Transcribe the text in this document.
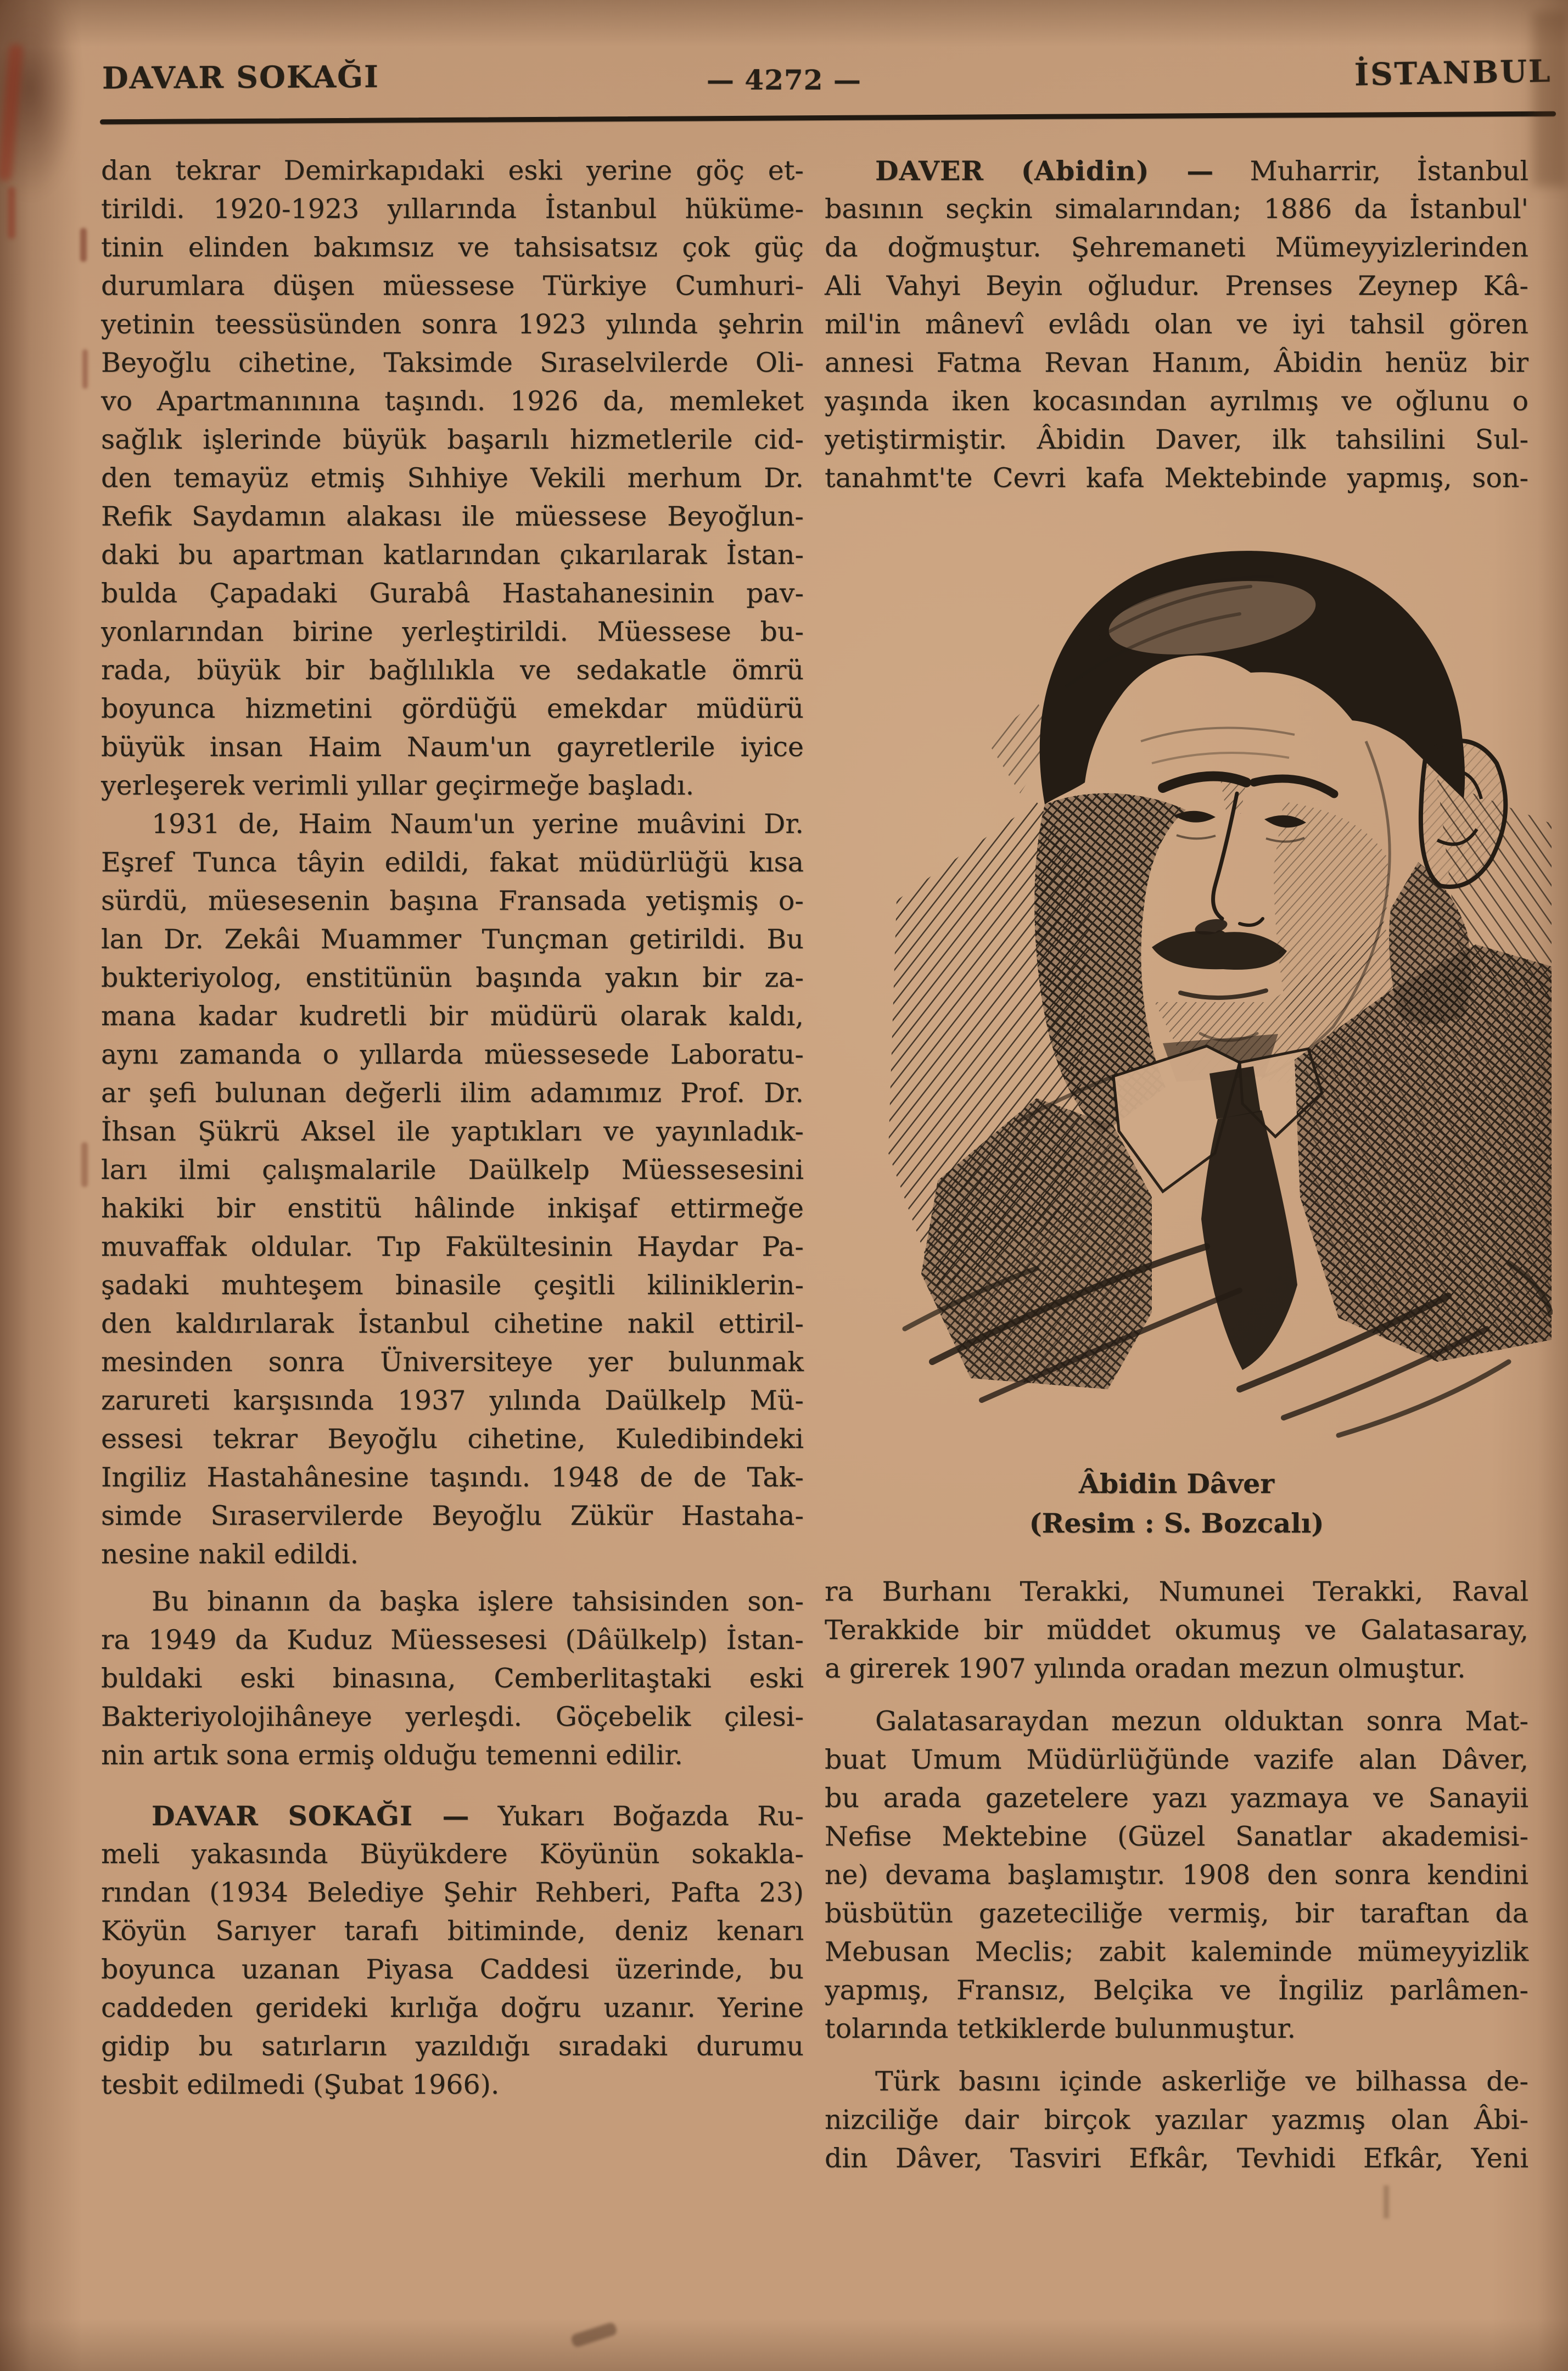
DAVAR SOKAĞI	— 4272 —	İSTANBUL
dan tekrar Demirkapıdaki eski yerine göç et-
tirildi. 1920-1923 yıllarında İstanbul hüküme-
tinin elinden bakımsız ve tahsisatsız çok güç
durumlara düşen müessese Türkiye Cumhuri-
yetinin teessüsünden sonra 1923 yılında şehrin
Beyoğlu cihetine, Taksimde Sıraselvilerde Oli-
vo Apartmanınına taşındı. 1926 da, memleket
sağlık işlerinde büyük başarılı hizmetlerile cid-
den temayüz etmiş Sıhhiye Vekili merhum Dr.
Refik Saydamın alakası ile müessese Beyoğlun-
daki bu apartman katlarından çıkarılarak İstan-
bulda Çapadaki Gurabâ Hastahanesinin pav-
yonlarından birine yerleştirildi. Müessese bu-
rada, büyük bir bağlılıkla ve sedakatle ömrü
boyunca hizmetini gördüğü emekdar müdürü
büyük insan Haim Naum'un gayretlerile iyice
yerleşerek verimli yıllar geçirmeğe başladı.
1931 de, Haim Naum'un yerine muâvini Dr.
Eşref Tunca tâyin edildi, fakat müdürlüğü kısa
sürdü, müesesenin başına Fransada yetişmiş o-
lan Dr. Zekâi Muammer Tunçman getirildi. Bu
bukteriyolog, enstitünün başında yakın bir za-
mana kadar kudretli bir müdürü olarak kaldı,
aynı zamanda o yıllarda müessesede Laboratu-
ar şefi bulunan değerli ilim adamımız Prof. Dr.
İhsan Şükrü Aksel ile yaptıkları ve yayınladık-
ları ilmi çalışmalarile Daülkelp Müessesesini
hakiki bir enstitü hâlinde inkişaf ettirmeğe
muvaffak oldular. Tıp Fakültesinin Haydar Pa-
şadaki muhteşem binasile çeşitli kiliniklerin-
den kaldırılarak İstanbul cihetine nakil ettiril-
mesinden sonra Üniversiteye yer bulunmak
zarureti karşısında 1937 yılında Daülkelp Mü-
essesi tekrar Beyoğlu cihetine, Kuledibindeki
Ingiliz Hastahânesine taşındı. 1948 de de Tak-
simde Sıraservilerde Beyoğlu Zükür Hastaha-
nesine nakil edildi.
Bu binanın da başka işlere tahsisinden son-
ra 1949 da Kuduz Müessesesi (Dâülkelp) İstan-
buldaki eski binasına, Cemberlitaştaki eski
Bakteriyolojihâneye yerleşdi. Göçebelik çilesi-
nin artık sona ermiş olduğu temenni edilir.
DAVAR SOKAĞI — Yukarı Boğazda Ru-
meli yakasında Büyükdere Köyünün sokakla-
rından (1934 Belediye Şehir Rehberi, Pafta 23)
Köyün Sarıyer tarafı bitiminde, deniz kenarı
boyunca uzanan Piyasa Caddesi üzerinde, bu
caddeden gerideki kırlığa doğru uzanır. Yerine
gidip bu satırların yazıldığı sıradaki durumu
tesbit edilmedi (Şubat 1966).
DAVER (Abidin) — Muharrir, İstanbul
basının seçkin simalarından; 1886 da İstanbul'
da doğmuştur. Şehremaneti Mümeyyizlerinden
Ali Vahyi Beyin oğludur. Prenses Zeynep Kâ-
mil'in mânevî evlâdı olan ve iyi tahsil gören
annesi Fatma Revan Hanım, Âbidin henüz bir
yaşında iken kocasından ayrılmış ve oğlunu o
yetiştirmiştir. Âbidin Daver, ilk tahsilini Sul-
tanahmt'te Cevri kafa Mektebinde yapmış, son-
Âbidin Dâver
(Resim : S. Bozcalı)
ra Burhanı Terakki, Numunei Terakki, Raval
Terakkide bir müddet okumuş ve Galatasaray,
a girerek 1907 yılında oradan mezun olmuştur.
Galatasaraydan mezun olduktan sonra Mat-
buat Umum Müdürlüğünde vazife alan Dâver,
bu arada gazetelere yazı yazmaya ve Sanayii
Nefise Mektebine (Güzel Sanatlar akademisi-
ne) devama başlamıştır. 1908 den sonra kendini
büsbütün gazeteciliğe vermiş, bir taraftan da
Mebusan Meclis; zabit kaleminde mümeyyizlik
yapmış, Fransız, Belçika ve İngiliz parlâmen-
tolarında tetkiklerde bulunmuştur.
Türk basını içinde askerliğe ve bilhassa de-
nizciliğe dair birçok yazılar yazmış olan Âbi-
din Dâver, Tasviri Efkâr, Tevhidi Efkâr, Yeni
